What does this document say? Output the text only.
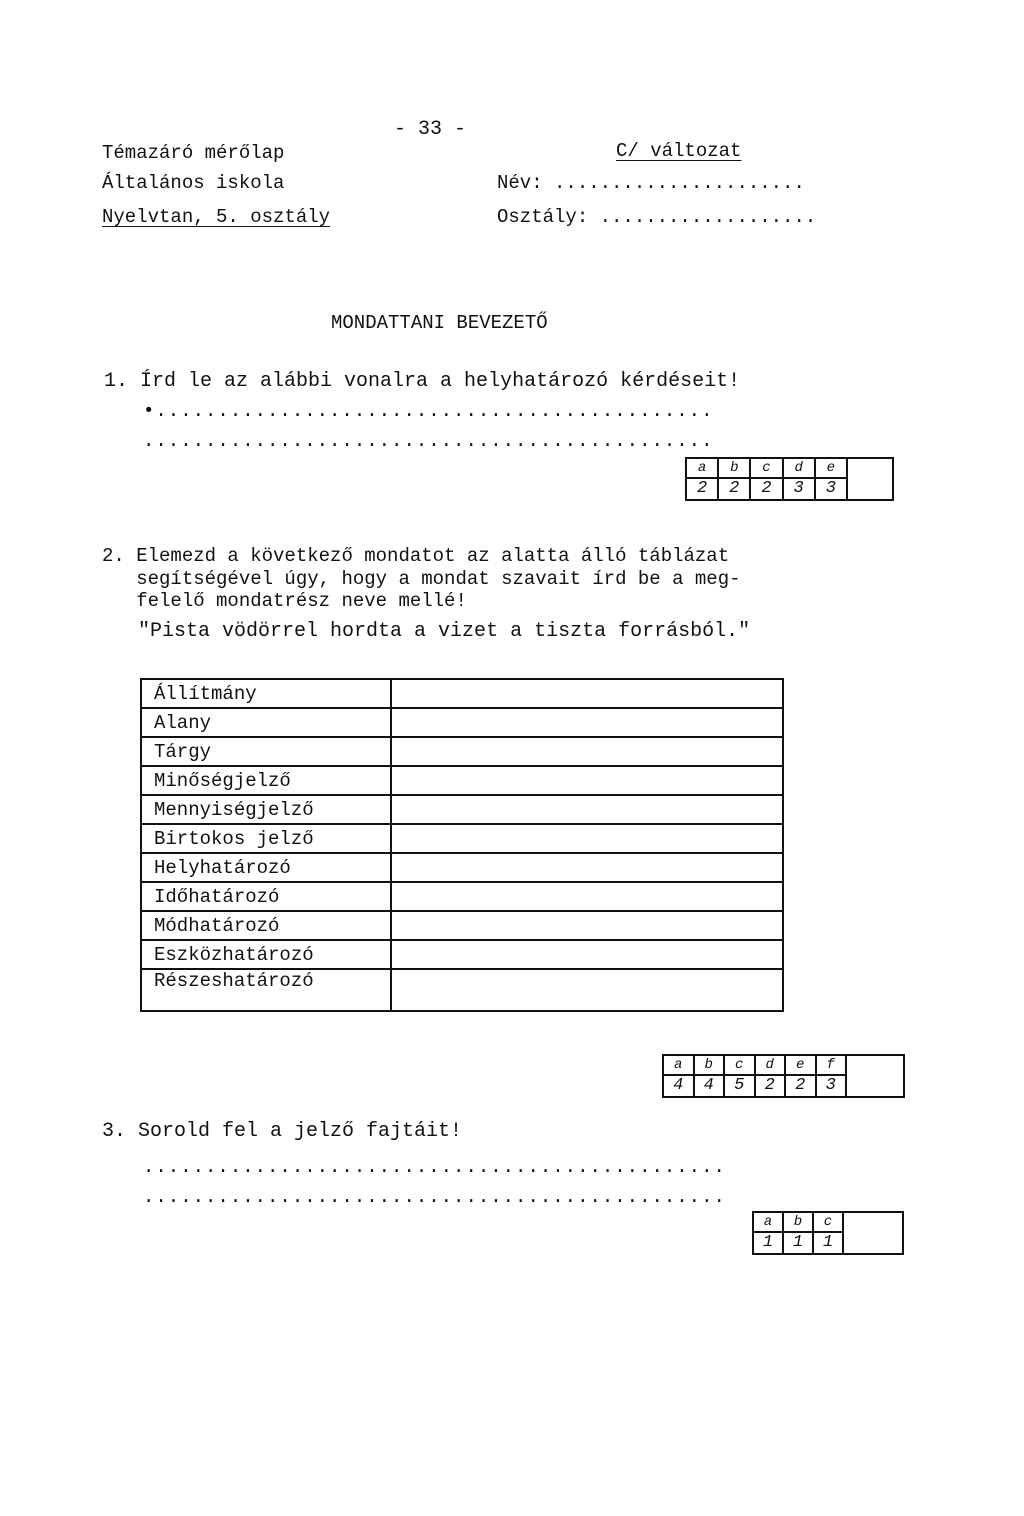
- 33 -
Témazáró mérőlap
Általános iskola
Nyelvtan, 5. osztály
C/ változat
Név: ......................
Osztály: ...................
MONDATTANI BEVEZETŐ
1. Írd le az alábbi vonalra a helyhatározó kérdéseit!
•.............................................
..............................................
a	b	c	d	e	
2	2	2	3	3	
2. Elemezd a következő mondatot az alatta álló táblázat
segítségével úgy, hogy a mondat szavait írd be a meg-
felelő mondatrész neve mellé!
"Pista vödörrel hordta a vizet a tiszta forrásból."
Állítmány	
Alany	
Tárgy	
Minőségjelző	
Mennyiségjelző	
Birtokos jelző	
Helyhatározó	
Időhatározó	
Módhatározó	
Eszközhatározó	
Részeshatározó	
a	b	c	d	e	f	
4	4	5	2	2	3	
3. Sorold fel a jelző fajtáit!
...............................................
...............................................
a	b	c	
1	1	1	
